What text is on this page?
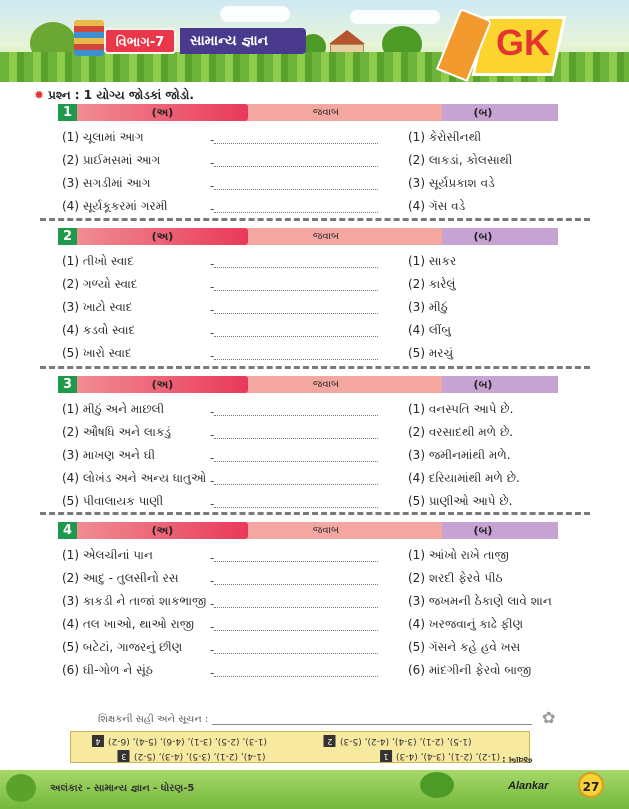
વિભાગ-7	સામાન્ય જ્ઞાન	GK
✹ પ્રશ્ન : 1 યોગ્ય જોડકાં જોડો.
(બ)
જવાબ
(અ)
1
(1) ચૂલામાં આગ	-	(1) કેરોસીનથી
(2) પ્રાઈમસમાં આગ	-	(2) લાકડાં, કોલસાથી
(3) સગડીમાં આગ	-	(3) સૂર્યપ્રકાશ વડે
(4) સૂર્યકૂકરમાં ગરમી	-	(4) ગૅસ વડે
(બ)
જવાબ
(અ)
2
(1) તીખો સ્વાદ	-	(1) સાકર
(2) ગળ્યો સ્વાદ	-	(2) કારેલું
(3) ખાટો સ્વાદ	-	(3) મીઠું
(4) કડવો સ્વાદ	-	(4) લીંબુ
(5) ખારો સ્વાદ	-	(5) મરચું
(બ)
જવાબ
(અ)
3
(1) મીઠું અને માછલી	-	(1) વનસ્પતિ આપે છે.
(2) ઔષધિ અને લાકડું	-	(2) વરસાદથી મળે છે.
(3) માખણ અને ઘી	-	(3) જમીનમાંથી મળે.
(4) લોખંડ અને અન્ય ધાતુઓ -	(4) દરિયામાંથી મળે છે.
(5) પીવાલાયક પાણી	-	(5) પ્રાણીઓ આપે છે.
(બ)
જવાબ
(અ)
4
(1) એલચીનાં પાન	-	(1) આંખો રાખે તાજી
(2) આદુ - તુલસીનો રસ	-	(2) શરદી ફેરવે પીઠ
(3) કાકડી ને તાજાં શાકભાજી -	(3) જખમની ઠેકાણે લાવે શાન
(4) તલ ખાઓ, થાઓ રાજી -	(4) ખરજવાનું કાઢે ફીણ
(5) બટેટાં, ગાજરનું છીણ -	(5) ગૅસને કહે હવે ખસ
(6) ઘી-ગોળ ને સૂંઠ	-	(6) માંદગીની ફેરવો બાજી
શિક્ષકની સહી અને સૂચન :	✿
જવાબ :
(1-2), (2-1), (3-4), (4-3)1
(1-5), (2-1), (3-4), (4-2), (5-3)2
(1-4), (2-1), (3-5), (4-3), (5-2)3
(1-3), (2-5), (3-1), (4-6), (5-4), (6-2)4
અલંકાર - સામાન્ય જ્ઞાન - ધોરણ-5	Alankar	27
